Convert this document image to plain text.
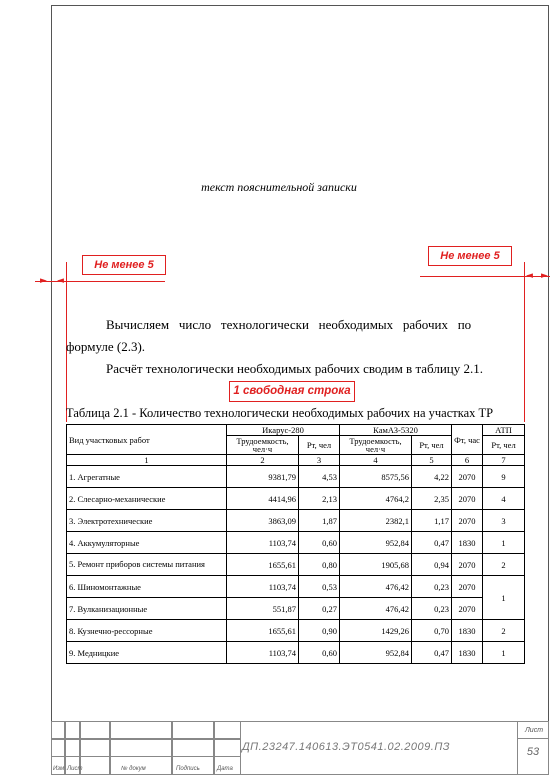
текст пояснительной записки
► ◄
Не менее 5
◄ ►
Не менее 5
Вычисляем   число   технологически   необходимых   рабочих   по
формуле (2.3).
Расчёт технологически необходимых рабочих сводим в таблицу 2.1.
1 свободная строка
Таблица 2.1 - Количество технологически необходимых рабочих на участках ТР
Вид участковых работ	Икарус-280		КамАЗ-5320		Фт, час	АТП
	Трудоемкость, чел·ч	Рт, чел	Трудоемкость, чел·ч	Рт, чел		Рт, чел
1	2	3	4	5	6	7
1. Агрегатные	9381,79	4,53	8575,56	4,22	2070	9
2. Слесарно-механические	4414,96	2,13	4764,2	2,35	2070	4
3. Электротехнические	3863,09	1,87	2382,1	1,17	2070	3
4. Аккумуляторные	1103,74	0,60	952,84	0,47	1830	1
5. Ремонт приборов системы питания	1655,61	0,80	1905,68	0,94	2070	2
6. Шиномонтажные	1103,74	0,53	476,42	0,23	2070	1
7. Вулканизационные	551,87	0,27	476,42	0,23	2070	
8. Кузнечно-рессорные	1655,61	0,90	1429,26	0,70	1830	2
9. Медницкие	1103,74	0,60	952,84	0,47	1830	1
Изм Лист	№ докум	Подпись	Дата
ДП.23247.140613.ЭТ0541.02.2009.ПЗ
Лист
53
